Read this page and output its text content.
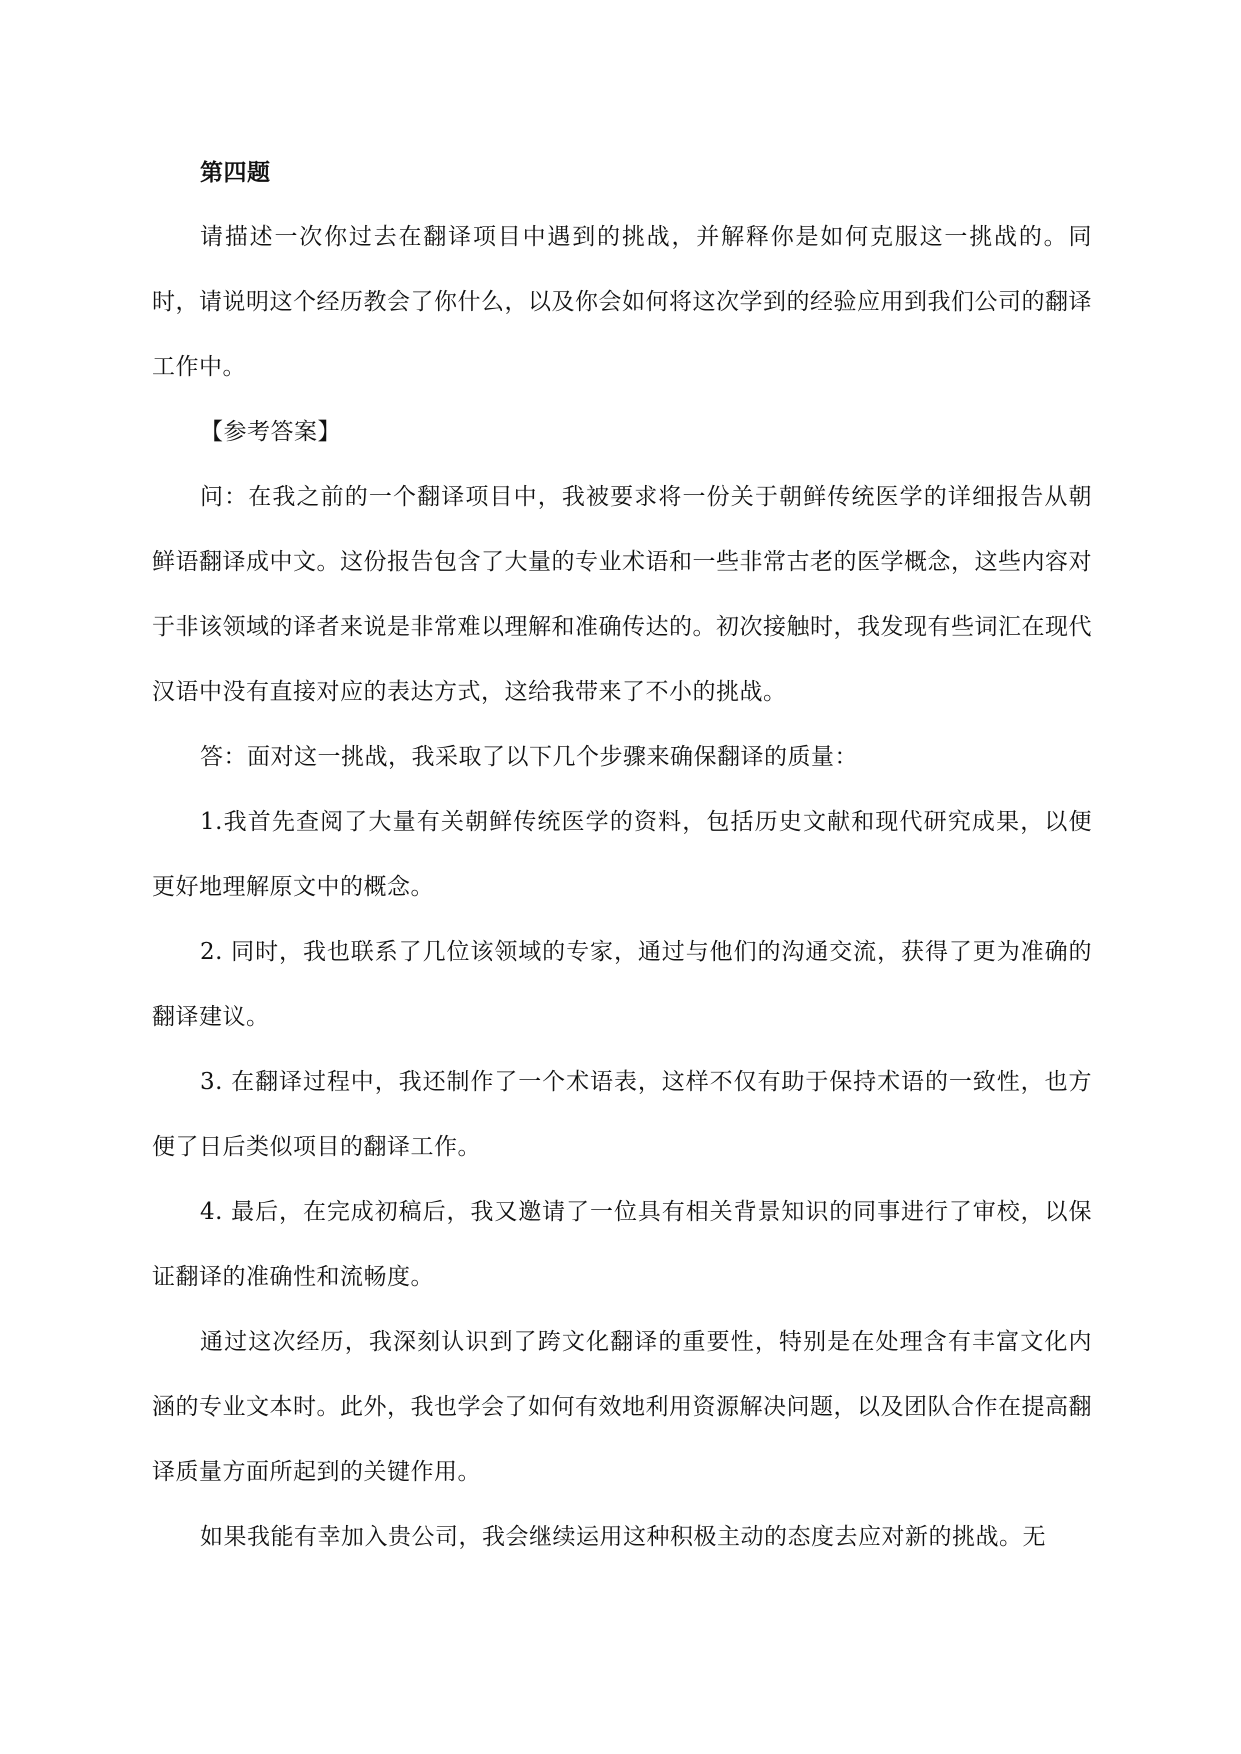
第四题

请描述一次你过去在翻译项目中遇到的挑战，并解释你是如何克服这一挑战的。同时，请说明这个经历教会了你什么，以及你会如何将这次学到的经验应用到我们公司的翻译工作中。

【参考答案】

问：在我之前的一个翻译项目中，我被要求将一份关于朝鲜传统医学的详细报告从朝鲜语翻译成中文。这份报告包含了大量的专业术语和一些非常古老的医学概念，这些内容对于非该领域的译者来说是非常难以理解和准确传达的。初次接触时，我发现有些词汇在现代汉语中没有直接对应的表达方式，这给我带来了不小的挑战。

答：面对这一挑战，我采取了以下几个步骤来确保翻译的质量：

1.我首先查阅了大量有关朝鲜传统医学的资料，包括历史文献和现代研究成果，以便更好地理解原文中的概念。

2. 同时，我也联系了几位该领域的专家，通过与他们的沟通交流，获得了更为准确的翻译建议。

3. 在翻译过程中，我还制作了一个术语表，这样不仅有助于保持术语的一致性，也方便了日后类似项目的翻译工作。

4. 最后，在完成初稿后，我又邀请了一位具有相关背景知识的同事进行了审校，以保证翻译的准确性和流畅度。

通过这次经历，我深刻认识到了跨文化翻译的重要性，特别是在处理含有丰富文化内涵的专业文本时。此外，我也学会了如何有效地利用资源解决问题，以及团队合作在提高翻译质量方面所起到的关键作用。

如果我能有幸加入贵公司，我会继续运用这种积极主动的态度去应对新的挑战。无
